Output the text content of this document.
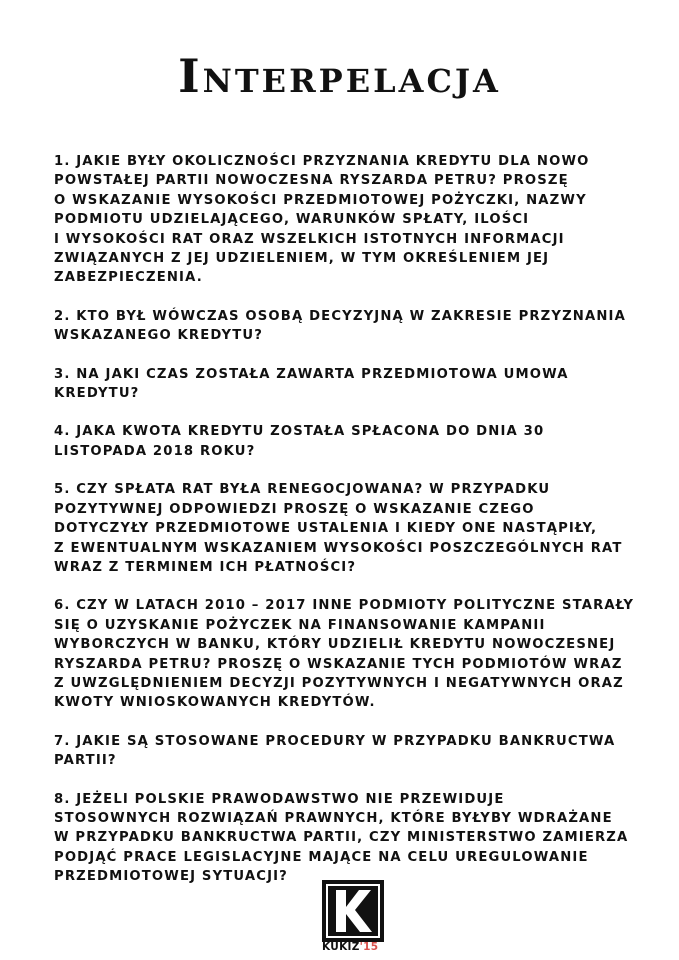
Interpelacja

1. JAKIE BYŁY OKOLICZNOŚCI PRZYZNANIA KREDYTU DLA NOWO
POWSTAŁEJ PARTII NOWOCZESNA RYSZARDA PETRU? PROSZĘ
O WSKAZANIE WYSOKOŚCI PRZEDMIOTOWEJ POŻYCZKI, NAZWY
PODMIOTU UDZIELAJĄCEGO, WARUNKÓW SPŁATY, ILOŚCI
I WYSOKOŚCI RAT ORAZ WSZELKICH ISTOTNYCH INFORMACJI
ZWIĄZANYCH Z JEJ UDZIELENIEM, W TYM OKREŚLENIEM JEJ
ZABEZPIECZENIA.

2. KTO BYŁ WÓWCZAS OSOBĄ DECYZYJNĄ W ZAKRESIE PRZYZNANIA
WSKAZANEGO KREDYTU?

3. NA JAKI CZAS ZOSTAŁA ZAWARTA PRZEDMIOTOWA UMOWA
KREDYTU?

4. JAKA KWOTA KREDYTU ZOSTAŁA SPŁACONA DO DNIA 30
LISTOPADA 2018 ROKU?

5. CZY SPŁATA RAT BYŁA RENEGOCJOWANA? W PRZYPADKU
POZYTYWNEJ ODPOWIEDZI PROSZĘ O WSKAZANIE CZEGO
DOTYCZYŁY PRZEDMIOTOWE USTALENIA I KIEDY ONE NASTĄPIŁY,
Z EWENTUALNYM WSKAZANIEM WYSOKOŚCI POSZCZEGÓLNYCH RAT
WRAZ Z TERMINEM ICH PŁATNOŚCI?

6. CZY W LATACH 2010 – 2017 INNE PODMIOTY POLITYCZNE STARAŁY
SIĘ O UZYSKANIE POŻYCZEK NA FINANSOWANIE KAMPANII
WYBORCZYCH W BANKU, KTÓRY UDZIELIŁ KREDYTU NOWOCZESNEJ
RYSZARDA PETRU? PROSZĘ O WSKAZANIE TYCH PODMIOTÓW WRAZ
Z UWZGLĘDNIENIEM DECYZJI POZYTYWNYCH I NEGATYWNYCH ORAZ
KWOTY WNIOSKOWANYCH KREDYTÓW.

7. JAKIE SĄ STOSOWANE PROCEDURY W PRZYPADKU BANKRUCTWA
PARTII?

8. JEŻELI POLSKIE PRAWODAWSTWO NIE PRZEWIDUJE
STOSOWNYCH ROZWIĄZAŃ PRAWNYCH, KTÓRE BYŁYBY WDRAŻANE
W PRZYPADKU BANKRUCTWA PARTII, CZY MINISTERSTWO ZAMIERZA
PODJĄĆ PRACE LEGISLACYJNE MAJĄCE NA CELU UREGULOWANIE
PRZEDMIOTOWEJ SYTUACJI?

KUKIZ'15
